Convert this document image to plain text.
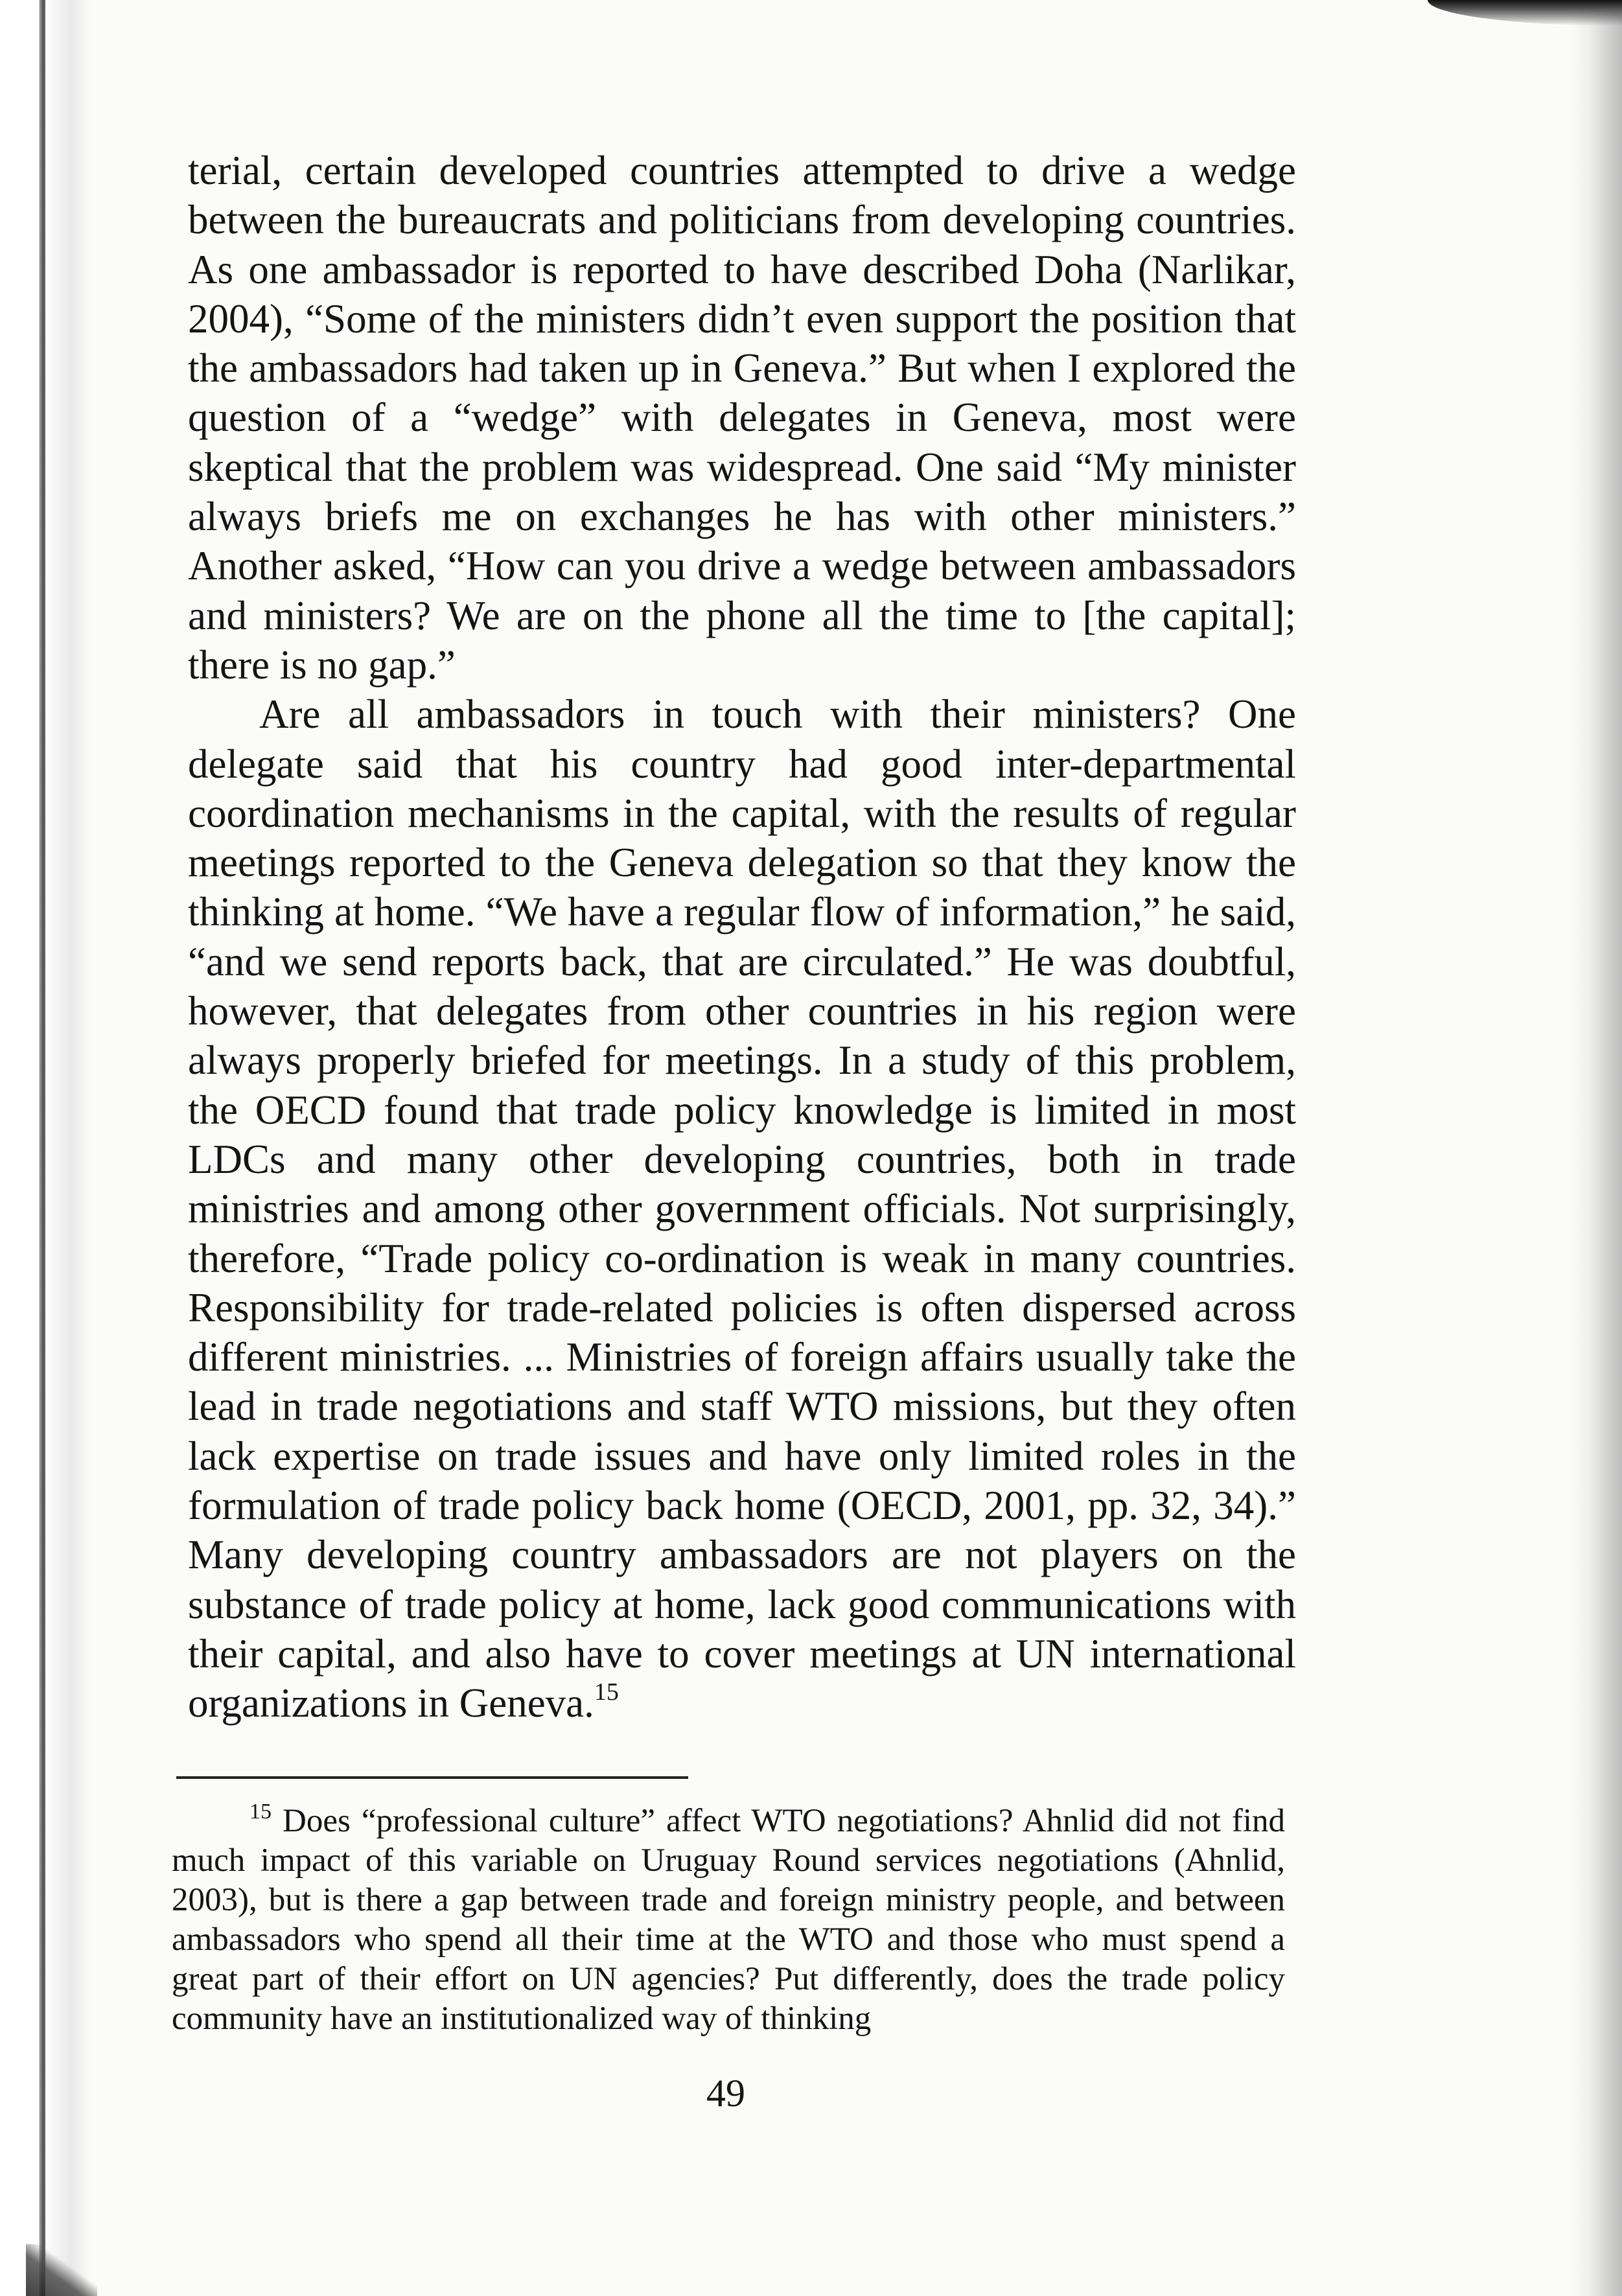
terial, certain developed countries attempted to drive a wedge between the bureaucrats and politicians from developing countries. As one ambassador is reported to have described Doha (Narlikar, 2004), “Some of the ministers didn’t even support the position that the ambassadors had taken up in Geneva.” But when I explored the question of a “wedge” with delegates in Geneva, most were skeptical that the problem was widespread. One said “My minister always briefs me on exchanges he has with other ministers.” Another asked, “How can you drive a wedge between ambassadors and ministers? We are on the phone all the time to [the capital]; there is no gap.”

Are all ambassadors in touch with their ministers? One delegate said that his country had good inter-departmental coordination mechanisms in the capital, with the results of regular meetings reported to the Geneva delegation so that they know the thinking at home. “We have a regular flow of information,” he said, “and we send reports back, that are circulated.” He was doubtful, however, that delegates from other countries in his region were always properly briefed for meetings. In a study of this problem, the OECD found that trade policy knowledge is limited in most LDCs and many other developing countries, both in trade ministries and among other government officials. Not surprisingly, therefore, “Trade policy co-ordination is weak in many countries. Responsibility for trade-related policies is often dispersed across different ministries. ... Ministries of foreign affairs usually take the lead in trade negotiations and staff WTO missions, but they often lack expertise on trade issues and have only limited roles in the formulation of trade policy back home (OECD, 2001, pp. 32, 34).” Many developing country ambassadors are not players on the substance of trade policy at home, lack good communications with their capital, and also have to cover meetings at UN international organizations in Geneva.$^{15}$

$^{15}$ Does “professional culture” affect WTO negotiations? Ahnlid did not find much impact of this variable on Uruguay Round services negotiations (Ahnlid, 2003), but is there a gap between trade and foreign ministry people, and between ambassadors who spend all their time at the WTO and those who must spend a great part of their effort on UN agencies? Put differently, does the trade policy community have an institutionalized way of thinking

49
